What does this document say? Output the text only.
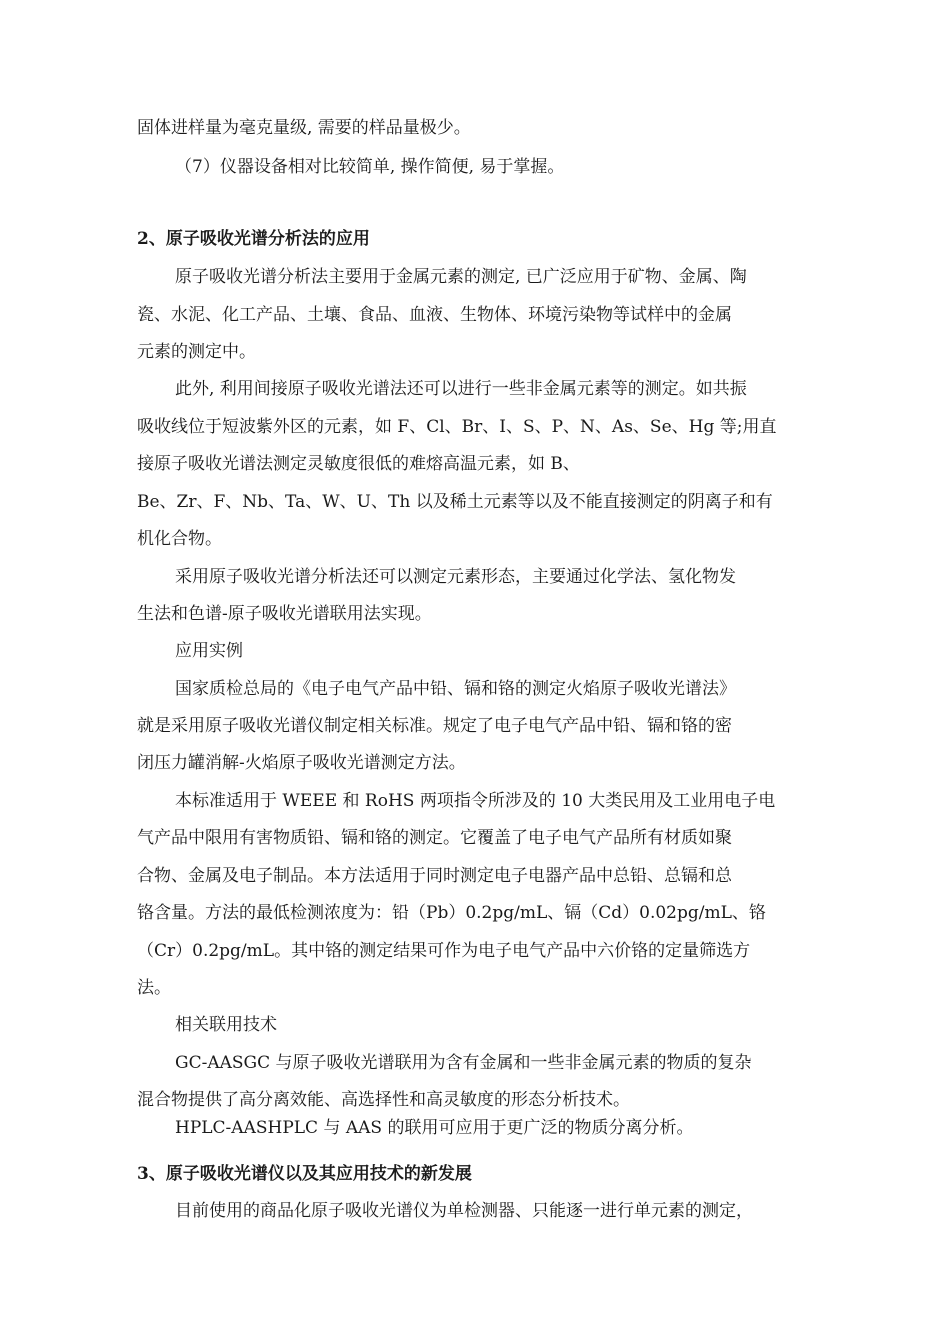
固体进样量为毫克量级, 需要的样品量极少。
（7）仪器设备相对比较简单, 操作简便, 易于掌握。
2、原子吸收光谱分析法的应用
原子吸收光谱分析法主要用于金属元素的测定, 已广泛应用于矿物、金属、陶
瓷、水泥、化工产品、土壤、食品、血液、生物体、环境污染物等试样中的金属
元素的测定中。
此外, 利用间接原子吸收光谱法还可以进行一些非金属元素等的测定。如共振
吸收线位于短波紫外区的元素，如 F、Cl、Br、I、S、P、N、As、Se、Hg 等;用直
接原子吸收光谱法测定灵敏度很低的难熔高温元素，如 B、
Be、Zr、F、Nb、Ta、W、U、Th 以及稀土元素等以及不能直接测定的阴离子和有
机化合物。
采用原子吸收光谱分析法还可以测定元素形态，主要通过化学法、氢化物发
生法和色谱-原子吸收光谱联用法实现。
应用实例
国家质检总局的《电子电气产品中铅、镉和铬的测定火焰原子吸收光谱法》
就是采用原子吸收光谱仪制定相关标准。规定了电子电气产品中铅、镉和铬的密
闭压力罐消解-火焰原子吸收光谱测定方法。
本标准适用于 WEEE 和 RoHS 两项指令所涉及的 10 大类民用及工业用电子电
气产品中限用有害物质铅、镉和铬的测定。它覆盖了电子电气产品所有材质如聚
合物、金属及电子制品。本方法适用于同时测定电子电器产品中总铅、总镉和总
铬含量。方法的最低检测浓度为：铅（Pb）0.2pg/mL、镉（Cd）0.02pg/mL、铬
（Cr）0.2pg/mL。其中铬的测定结果可作为电子电气产品中六价铬的定量筛选方
法。
相关联用技术
GC-AASGC 与原子吸收光谱联用为含有金属和一些非金属元素的物质的复杂
混合物提供了高分离效能、高选择性和高灵敏度的形态分析技术。
HPLC-AASHPLC 与 AAS 的联用可应用于更广泛的物质分离分析。
3、原子吸收光谱仪以及其应用技术的新发展
目前使用的商品化原子吸收光谱仪为单检测器、只能逐一进行单元素的测定，
